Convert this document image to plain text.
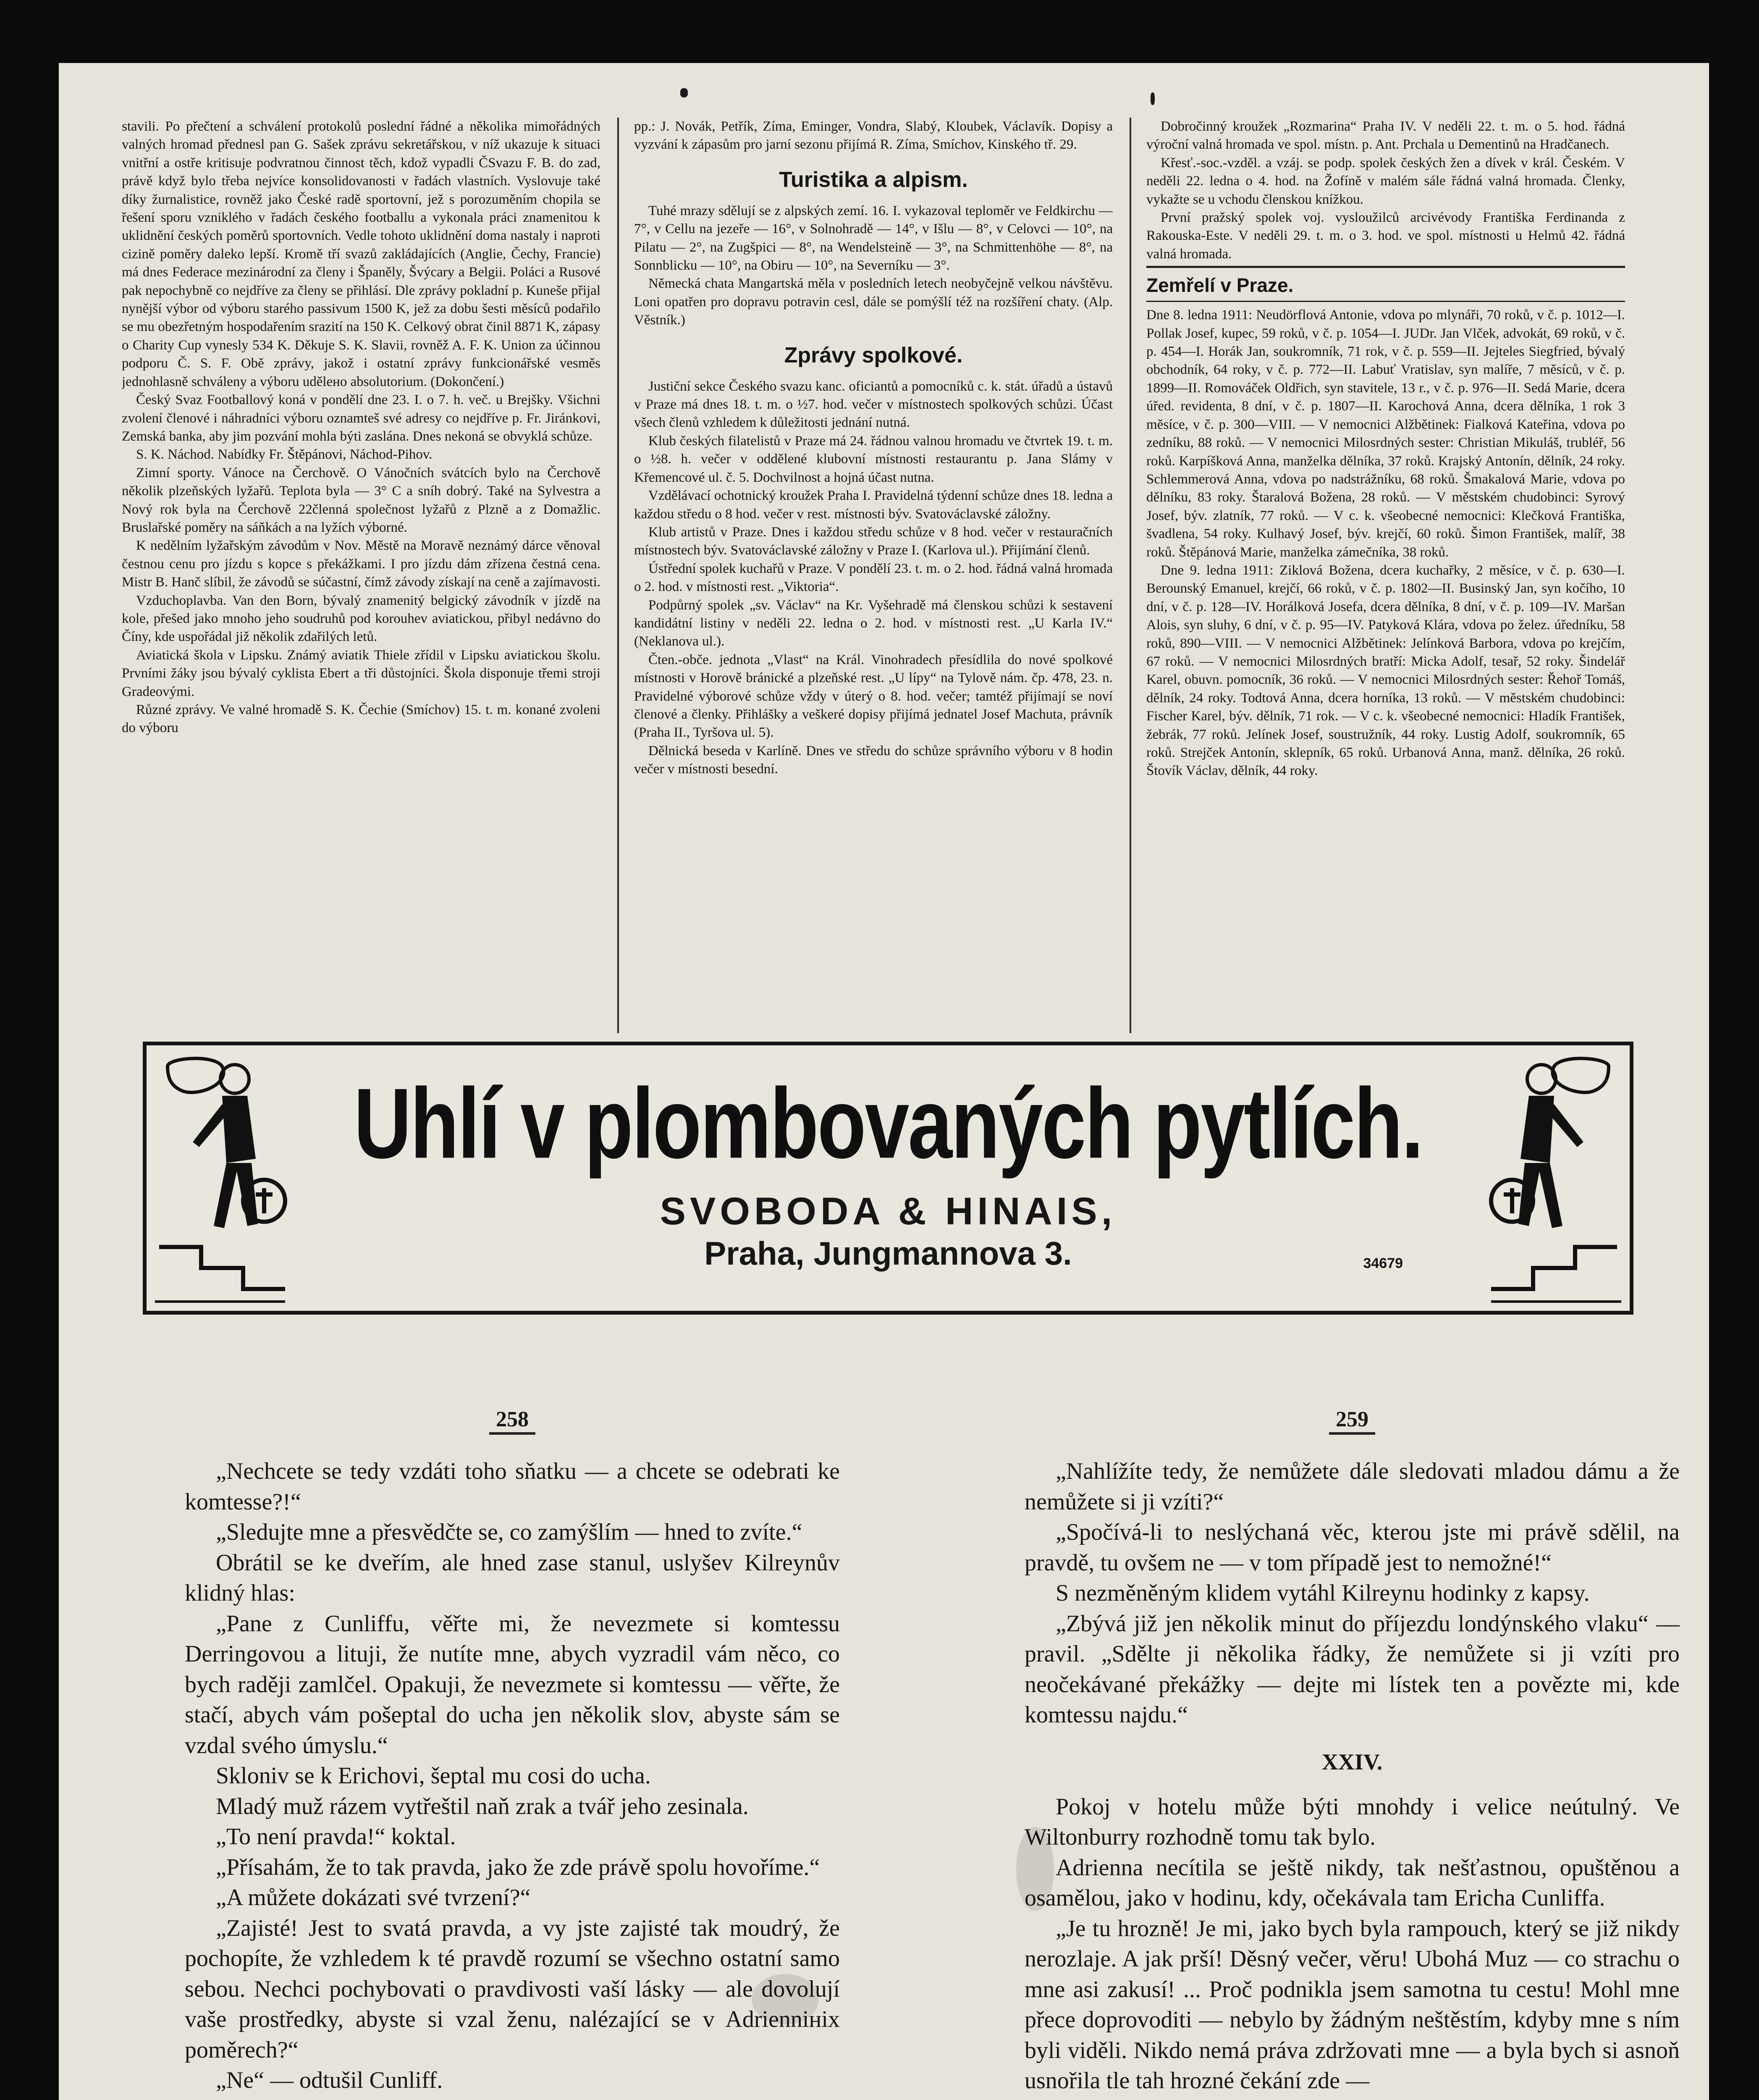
stavili. Po přečtení a schválení protokolů poslední řádné a několika mimořádných valných hromad přednesl pan G. Sašek zprávu sekretářskou, v níž ukazuje k situaci vnitřní a ostře kritisuje podvratnou činnost těch, kdož vypadli ČSvazu F. B. do zad, právě když bylo třeba nejvíce konsolidovanosti v řadách vlastních. Vyslovuje také díky žurnalistice, rovněž jako České radě sportovní, jež s porozuměním chopila se řešení sporu vzniklého v řadách českého footballu a vykonala práci znamenitou k uklidnění českých poměrů sportovních. Vedle tohoto uklidnění doma nastaly i naproti cizině poměry daleko lepší. Kromě tří svazů zakládajících (Anglie, Čechy, Francie) má dnes Federace mezinárodní za členy i Španěly, Švýcary a Belgii. Poláci a Rusové pak nepochybně co nejdříve za členy se přihlásí. Dle zprávy pokladní p. Kuneše přijal nynější výbor od výboru starého passivum 1500 K, jež za dobu šesti měsíců podařilo se mu obezřetným hospodařením srazití na 150 K. Celkový obrat činil 8871 K, zápasy o Charity Cup vynesly 534 K. Děkuje S. K. Slavii, rovněž A. F. K. Union za účinnou podporu Č. S. F. Obě zprávy, jakož i ostatní zprávy funkcionářské vesměs jednohlasně schváleny a výboru udělено absolutorium. (Dokončení.)

Český Svaz Footballový koná v pondělí dne 23. I. o 7. h. več. u Brejšky. Všichni zvolení členové i náhradníci výboru oznamteš své adresy co nejdříve p. Fr. Jiránkovi, Zemská banka, aby jim pozvání mohla býti zaslána. Dnes nekoná se obvyklá schůze.

S. K. Náchod. Nabídky Fr. Štěpánovi, Náchod-Pihov.

Zimní sporty. Vánoce na Čerchově. O Vánočních svátcích bylo na Čerchově několik plzeňských lyžařů. Teplota byla — 3° C a sníh dobrý. Také na Sylvestra a Nový rok byla na Čerchově 22členná společnost lyžařů z Plzně a z Domažlic. Bruslařské poměry na sáňkách a na lyžích výborné.

K nedělním lyžařským závodům v Nov. Městě na Moravě neznámý dárce věnoval čestnou cenu pro jízdu s kopce s překážkami. I pro jízdu dám zřízena čestná cena. Mistr B. Hanč slíbil, že závodů se súčastní, čímž závody získají na ceně a zajímavosti.

Vzduchoplavba. Van den Born, bývalý znamenitý belgický závodník v jízdě na kole, přešed jako mnoho jeho soudruhů pod korouhev aviatickou, přibyl nedávno do Číny, kde uspořádal již několik zdařilých letů.

Aviatická škola v Lipsku. Známý aviatik Thiele zřídil v Lipsku aviatickou školu. Prvními žáky jsou bývalý cyklista Ebert a tři důstojníci. Škola disponuje třemi stroji Gradeovými.

Různé zprávy. Ve valné hromadě S. K. Čechie (Smíchov) 15. t. m. konané zvoleni do výboru

pp.: J. Novák, Petřík, Zíma, Eminger, Vondra, Slabý, Kloubek, Václavík. Dopisy a vyzvání k zápasům pro jarní sezonu přijímá R. Zíma, Smíchov, Kinského tř. 29.

Turistika a alpism.

Tuhé mrazy sdělují se z alpských zemí. 16. I. vykazoval teploměr ve Feldkirchu — 7°, v Cellu na jezeře — 16°, v Solnohradě — 14°, v Išlu — 8°, v Celovci — 10°, na Pilatu — 2°, na Zugšpici — 8°, na Wendelsteině — 3°, na Schmittenhöhe — 8°, na Sonnblicku — 10°, na Obiru — 10°, na Severníku — 3°.

Německá chata Mangartská měla v posledních letech neobyčejně velkou návštěvu. Loni opatřen pro dopravu potravin cesl, dále se pomýšlí též na rozšíření chaty. (Alp. Věstník.)

Zprávy spolkové.

Justiční sekce Českého svazu kanc. oficiantů a pomocníků c. k. stát. úřadů a ústavů v Praze má dnes 18. t. m. o ½7. hod. večer v místnostech spolkových schůzi. Účast všech členů vzhledem k důležitosti jednání nutná.

Klub českých filatelistů v Praze má 24. řádnou valnou hromadu ve čtvrtek 19. t. m. o ½8. h. večer v oddělené klubovní místnosti restaurantu p. Jana Slámy v Křemencové ul. č. 5. Dochvilnost a hojná účast nutna.

Vzdělávací ochotnický kroužek Praha I. Pravidelná týdenní schůze dnes 18. ledna a každou středu o 8 hod. večer v rest. místnosti býv. Svatováclavské záložny.

Klub artistů v Praze. Dnes i každou středu schůze v 8 hod. večer v restauračních místnostech býv. Svatováclavské záložny v Praze I. (Karlova ul.). Přijímání členů.

Ústřední spolek kuchařů v Praze. V pondělí 23. t. m. o 2. hod. řádná valná hromada o 2. hod. v místnosti rest. „Viktoria“.

Podpůrný spolek „sv. Václav“ na Kr. Vyšehradě má členskou schůzi k sestavení kandidátní listiny v neděli 22. ledna o 2. hod. v místnosti rest. „U Karla IV.“ (Neklanova ul.).

Čten.-obče. jednota „Vlast“ na Král. Vinohradech přesídlila do nové spolkové místnosti v Horově bránické a plzeňské rest. „U lípy“ na Tylově nám. čp. 478, 23. n. Pravidelné výborové schůze vždy v úterý o 8. hod. večer; tamtéž přijímají se noví členové a členky. Přihlášky a veškeré dopisy přijímá jednatel Josef Machuta, právník (Praha II., Tyršova ul. 5).

Dělnická beseda v Karlíně. Dnes ve středu do schůze správního výboru v 8 hodin večer v místnosti besední.

Dobročinný kroužek „Rozmarina“ Praha IV. V neděli 22. t. m. o 5. hod. řádná výroční valná hromada ve spol. místn. p. Ant. Prchala u Dementinů na Hradčanech.

Křesť.-soc.-vzděl. a vzáj. se podp. spolek českých žen a dívek v král. Českém. V neděli 22. ledna o 4. hod. na Žofíně v malém sále řádná valná hromada. Členky, vykažte se u vchodu členskou knížkou.

První pražský spolek voj. vysloužilců arcivévody Františka Ferdinanda z Rakouska-Este. V neděli 29. t. m. o 3. hod. ve spol. místnosti u Helmů 42. řádná valná hromada.

Zemřelí v Praze.

Dne 8. ledna 1911: Neudörflová Antonie, vdova po mlynáři, 70 roků, v č. p. 1012—I. Pollak Josef, kupec, 59 roků, v č. p. 1054—I. JUDr. Jan Vlček, advokát, 69 roků, v č. p. 454—I. Horák Jan, soukromník, 71 rok, v č. p. 559—II. Jejteles Siegfried, bývalý obchodník, 64 roky, v č. p. 772—II. Labuť Vratislav, syn malíře, 7 měsíců, v č. p. 1899—II. Romováček Oldřich, syn stavitele, 13 r., v č. p. 976—II. Sedá Marie, dcera úřed. revidenta, 8 dní, v č. p. 1807—II. Karochová Anna, dcera dělníka, 1 rok 3 měsíce, v č. p. 300—VIII. — V nemocnici Alžbětinek: Fialková Kateřina, vdova po zedníku, 88 roků. — V nemocnici Milosrdných sester: Christian Mikuláš, trubléř, 56 roků. Karpíšková Anna, manželka dělníka, 37 roků. Krajský Antonín, dělník, 24 roky. Schlemmerová Anna, vdova po nadstrážníku, 68 roků. Šmakalová Marie, vdova po dělníku, 83 roky. Štaralová Božena, 28 roků. — V městském chudobinci: Syrový Josef, býv. zlatník, 77 roků. — V c. k. všeobecné nemocnici: Klečková Františka, švadlena, 54 roky. Kulhavý Josef, býv. krejčí, 60 roků. Šimon František, malíř, 38 roků. Štěpánová Marie, manželka zámečníka, 38 roků.

Dne 9. ledna 1911: Ziklová Božena, dcera kuchařky, 2 měsíce, v č. p. 630—I. Berounský Emanuel, krejčí, 66 roků, v č. p. 1802—II. Businský Jan, syn kočího, 10 dní, v č. p. 128—IV. Horálková Josefa, dcera dělníka, 8 dní, v č. p. 109—IV. Maršan Alois, syn sluhy, 6 dní, v č. p. 95—IV. Patyková Klára, vdova po želez. úředníku, 58 roků, 890—VIII. — V nemocnici Alžbětinek: Jelínková Barbora, vdova po krejčím, 67 roků. — V nemocnici Milosrdných bratří: Micka Adolf, tesař, 52 roky. Šindelář Karel, obuvn. pomocník, 36 roků. — V nemocnici Milosrdných sester: Řehoř Tomáš, dělník, 24 roky. Todtová Anna, dcera horníka, 13 roků. — V městském chudobinci: Fischer Karel, býv. dělník, 71 rok. — V c. k. všeobecné nemocnici: Hladík František, žebrák, 77 roků. Jelínek Josef, soustružník, 44 roky. Lustig Adolf, soukromník, 65 roků. Strejček Antonín, sklepník, 65 roků. Urbanová Anna, manž. dělníka, 26 roků. Štovík Václav, dělník, 44 roky.

Uhlí v plombovaných pytlích.
SVOBODA & HINAIS,
Praha, Jungmannova 3.	34679
258

„Nechcete se tedy vzdáti toho sňatku — a chcete se odebrati ke komtesse?!“

„Sledujte mne a přesvědčte se, co zamýšlím — hned to zvíte.“

Obrátil se ke dveřím, ale hned zase stanul, uslyšev Kilreynův klidný hlas:

„Pane z Cunliffu, věřte mi, že nevezmete si komtessu Derringovou a lituji, že nutíte mne, abych vyzradil vám něco, co bych raději zamlčel. Opakuji, že nevezmete si komtessu — věřte, že stačí, abych vám pošeptal do ucha jen několik slov, abyste sám se vzdal svého úmyslu.“

Skloniv se k Erichovi, šeptal mu cosi do ucha.

Mladý muž rázem vytřeštil naň zrak a tvář jeho zesinala.

„To není pravda!“ koktal.

„Přísahám, že to tak pravda, jako že zde právě spolu hovoříme.“

„A můžete dokázati své tvrzení?“

„Zajisté! Jest to svatá pravda, a vy jste zajisté tak moudrý, že pochopíte, že vzhledem k té pravdě rozumí se všechno ostatní samo sebou. Nechci pochybovati o pravdivosti vaší lásky — ale dovolují vaše prostředky, abyste si vzal ženu, nalézající se v Adriennініх poměrech?“

„Ne“ — odtušil Cunliff.

259

„Nahlížíte tedy, že nemůžete dále sledovati mladou dámu a že nemůžete si ji vzíti?“

„Spočívá-li to neslýchaná věc, kterou jste mi právě sdělil, na pravdě, tu ovšem ne — v tom případě jest to nemožné!“

S nezměněným klidem vytáhl Kilreynu hodinky z kapsy.

„Zbývá již jen několik minut do příjezdu londýnského vlaku“ — pravil. „Sdělte ji několika řádky, že nemůžete si ji vzíti pro neočekávané překážky — dejte mi lístek ten a povězte mi, kde komtessu najdu.“

XXIV.

Pokoj v hotelu může býti mnohdy i velice neútulný. Ve Wiltonburry rozhodně tomu tak bylo.

Adrienna necítila se ještě nikdy, tak nešťastnou, opuštěnou a osamělou, jako v hodinu, kdy, očekávala tam Ericha Cunliffa.

„Je tu hrozně! Je mi, jako bych byla rampouch, který se již nikdy nerozlaje. A jak prší! Děsný večer, věru! Ubohá Muz — co strachu o mne asi zakusí! ... Proč podnikla jsem samotna tu cestu! Mohl mne přece doprovoditi — nebylo by žádným neštěstím, kdyby mne s ním byli viděli. Nikdo nemá práva zdržovati mne — a byla bych si asnoň usnořila tle tah hrozné čekání zde —
